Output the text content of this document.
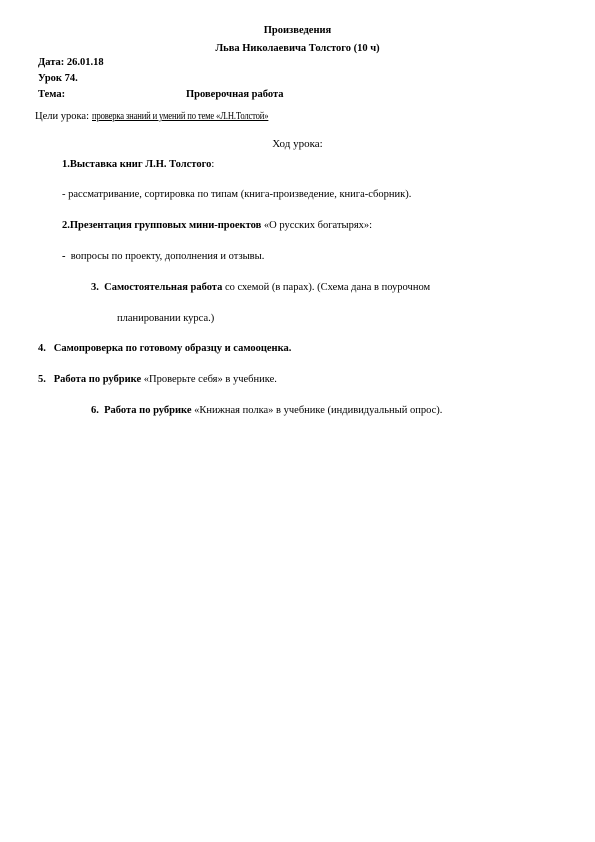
Произведения
Льва Николаевича Толстого (10 ч)
Дата: 26.01.18
Урок 74.
Тема:	Проверочная работа
Цели урока: проверка знаний и умений по теме «Л.Н.Толстой»
Ход урока:
1.Выставка книг Л.Н. Толстого:
- рассматривание, сортировка по типам (книга-произведение, книга-сборник).
2.Презентация групповых мини-проектов «О русских богатырях»:
-  вопросы по проекту, дополнения и отзывы.
3.  Самостоятельная работа со схемой (в парах). (Схема дана в поурочном
планировании курса.)
4.   Самопроверка по готовому образцу и самооценка.
5.   Работа по рубрике «Проверьте себя» в учебнике.
6.  Работа по рубрике «Книжная полка» в учебнике (индивидуальный опрос).
